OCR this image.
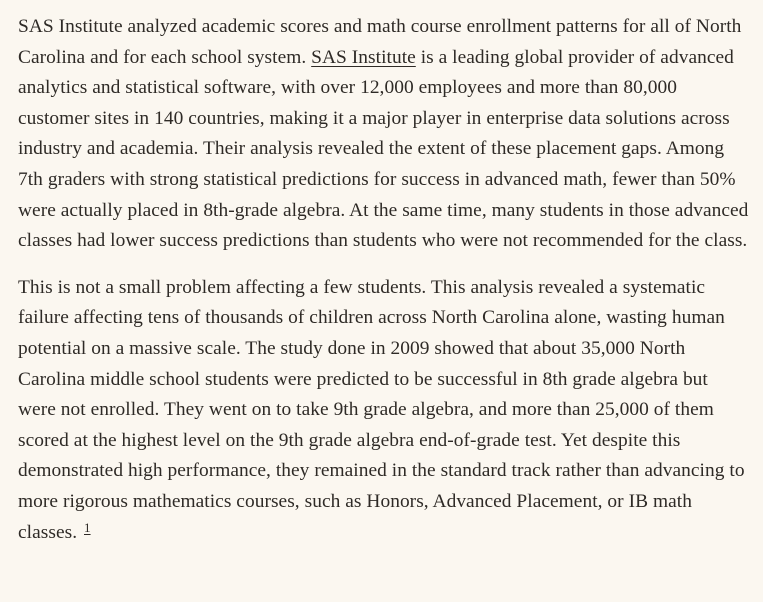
SAS Institute analyzed academic scores and math course enrollment patterns for all of North Carolina and for each school system. SAS Institute is a leading global provider of advanced analytics and statistical software, with over 12,000 employees and more than 80,000 customer sites in 140 countries, making it a major player in enterprise data solutions across industry and academia. Their analysis revealed the extent of these placement gaps. Among 7th graders with strong statistical predictions for success in advanced math, fewer than 50% were actually placed in 8th-grade algebra. At the same time, many students in those advanced classes had lower success predictions than students who were not recommended for the class.

This is not a small problem affecting a few students. This analysis revealed a systematic failure affecting tens of thousands of children across North Carolina alone, wasting human potential on a massive scale. The study done in 2009 showed that about 35,000 North Carolina middle school students were predicted to be successful in 8th grade algebra but were not enrolled. They went on to take 9th grade algebra, and more than 25,000 of them scored at the highest level on the 9th grade algebra end-of-grade test. Yet despite this demonstrated high performance, they remained in the standard track rather than advancing to more rigorous mathematics courses, such as Honors, Advanced Placement, or IB math classes. $^1$
